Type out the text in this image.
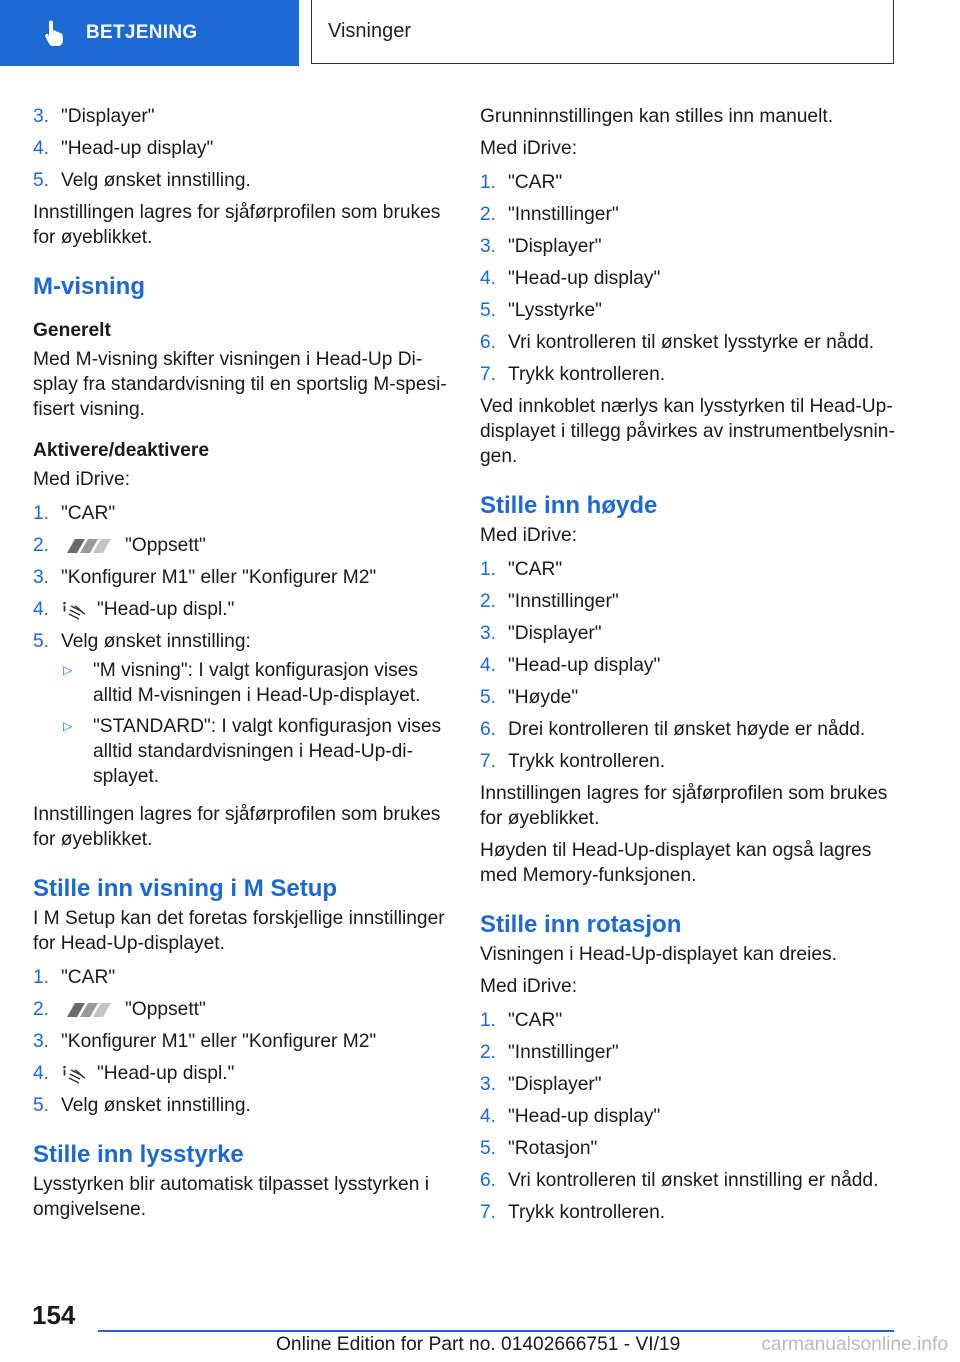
BETJENING	Visninger
3. "Displayer"
4. "Head-up display"
5. Velg ønsket innstilling.

Innstillingen lagres for sjåførprofilen som brukes for øyeblikket.

M-visning
Generelt

Med M-visning skifter visningen i Head-Up Display fra standardvisning til en sportslig M-spesifisert visning.

Aktivere/deaktivere

Med iDrive:

1. "CAR"
2.	"Oppsett"
3. "Konfigurer M1" eller "Konfigurer M2"
4.	"Head-up displ."
5. Velg ønsket innstilling:
▷	"M visning": I valgt konfigurasjon vises alltid M-visningen i Head-Up-displayet.
▷	"STANDARD": I valgt konfigurasjon vises alltid standardvisningen i Head-Up-displayet.

Innstillingen lagres for sjåførprofilen som brukes for øyeblikket.

Stille inn visning i M Setup

I M Setup kan det foretas forskjellige innstillinger for Head-Up-displayet.

1. "CAR"
2.	"Oppsett"
3. "Konfigurer M1" eller "Konfigurer M2"
4.	"Head-up displ."
5. Velg ønsket innstilling.
Stille inn lysstyrke

Lysstyrken blir automatisk tilpasset lysstyrken i omgivelsene.

Grunninnstillingen kan stilles inn manuelt.

Med iDrive:

1. "CAR"
2. "Innstillinger"
3. "Displayer"
4. "Head-up display"
5. "Lysstyrke"
6. Vri kontrolleren til ønsket lysstyrke er nådd.
7. Trykk kontrolleren.

Ved innkoblet nærlys kan lysstyrken til Head-Up-displayet i tillegg påvirkes av instrumentbelysningen.

Stille inn høyde

Med iDrive:

1. "CAR"
2. "Innstillinger"
3. "Displayer"
4. "Head-up display"
5. "Høyde"
6. Drei kontrolleren til ønsket høyde er nådd.
7. Trykk kontrolleren.

Innstillingen lagres for sjåførprofilen som brukes for øyeblikket.

Høyden til Head-Up-displayet kan også lagres med Memory-funksjonen.

Stille inn rotasjon

Visningen i Head-Up-displayet kan dreies.

Med iDrive:

1. "CAR"
2. "Innstillinger"
3. "Displayer"
4. "Head-up display"
5. "Rotasjon"
6. Vri kontrolleren til ønsket innstilling er nådd.
7. Trykk kontrolleren.
154
Online Edition for Part no. 01402666751 - VI/19	carmanualsonline.info
